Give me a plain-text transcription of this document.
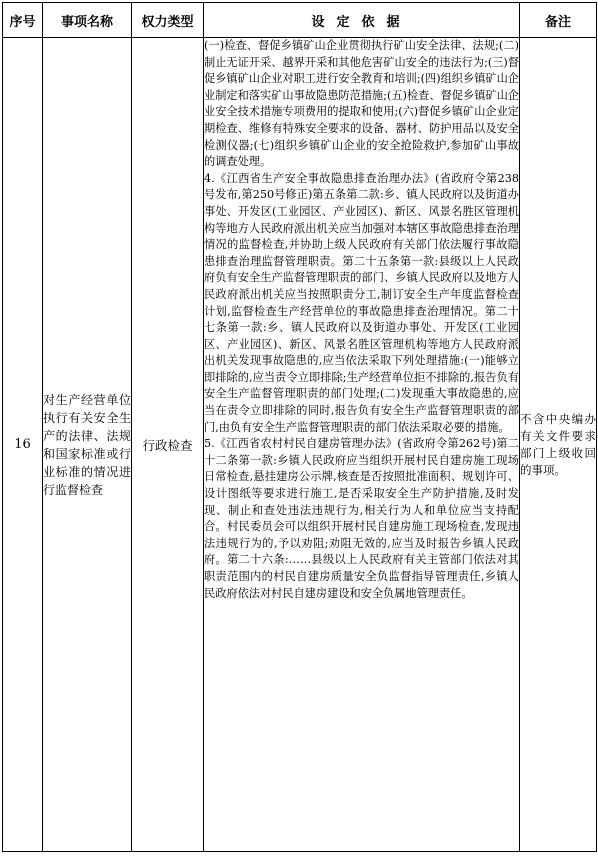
序号	事项名称	权力类型	设定依据	备注
16	对生产经营单位执行有关安全生产的法律、法规和国家标准或行业标准的情况进行监督检查	行政检查	(一)检查、督促乡镇矿山企业贯彻执行矿山安全法律、法规;(二)制止无证开采、越界开采和其他危害矿山安全的违法行为;(三)督促乡镇矿山企业对职工进行安全教育和培训;(四)组织乡镇矿山企业制定和落实矿山事故隐患防范措施;(五)检查、督促乡镇矿山企业安全技术措施专项费用的提取和使用;(六)督促乡镇矿山企业定期检查、维修有特殊安全要求的设备、器材、防护用品以及安全检测仪器;(七)组织乡镇矿山企业的安全抢险救护,参加矿山事故的调查处理。

4.《江西省生产安全事故隐患排查治理办法》(省政府令第238号发布,第250号修正)第五条第二款:乡、镇人民政府以及街道办事处、开发区(工业园区、产业园区)、新区、风景名胜区管理机构等地方人民政府派出机关应当加强对本辖区事故隐患排查治理情况的监督检查,并协助上级人民政府有关部门依法履行事故隐患排查治理监督管理职责。第二十五条第一款:县级以上人民政府负有安全生产监督管理职责的部门、乡镇人民政府以及地方人民政府派出机关应当按照职责分工,制订安全生产年度监督检查计划,监督检查生产经营单位的事故隐患排查治理情况。第二十七条第一款:乡、镇人民政府以及街道办事处、开发区(工业园区、产业园区)、新区、风景名胜区管理机构等地方人民政府派出机关发现事故隐患的,应当依法采取下列处理措施:(一)能够立即排除的,应当责令立即排除;生产经营单位拒不排除的,报告负有安全生产监督管理职责的部门处理;(二)发现重大事故隐患的,应当在责令立即排除的同时,报告负有安全生产监督管理职责的部门,由负有安全生产监督管理职责的部门依法采取必要的措施。

5.《江西省农村村民自建房管理办法》(省政府令第262号)第二十二条第一款:乡镇人民政府应当组织开展村民自建房施工现场日常检查,悬挂建房公示牌,核查是否按照批准面积、规划许可、设计图纸等要求进行施工,是否采取安全生产防护措施,及时发现、制止和查处违法违规行为,相关行为人和单位应当支持配合。村民委员会可以组织开展村民自建房施工现场检查,发现违法违规行为的,予以劝阻;劝阻无效的,应当及时报告乡镇人民政府。第二十六条:……县级以上人民政府有关主管部门依法对其职责范围内的村民自建房质量安全负监督指导管理责任,乡镇人民政府依法对村民自建房建设和安全负属地管理责任。	不含中央编办有关文件要求部门上级收回的事项。
